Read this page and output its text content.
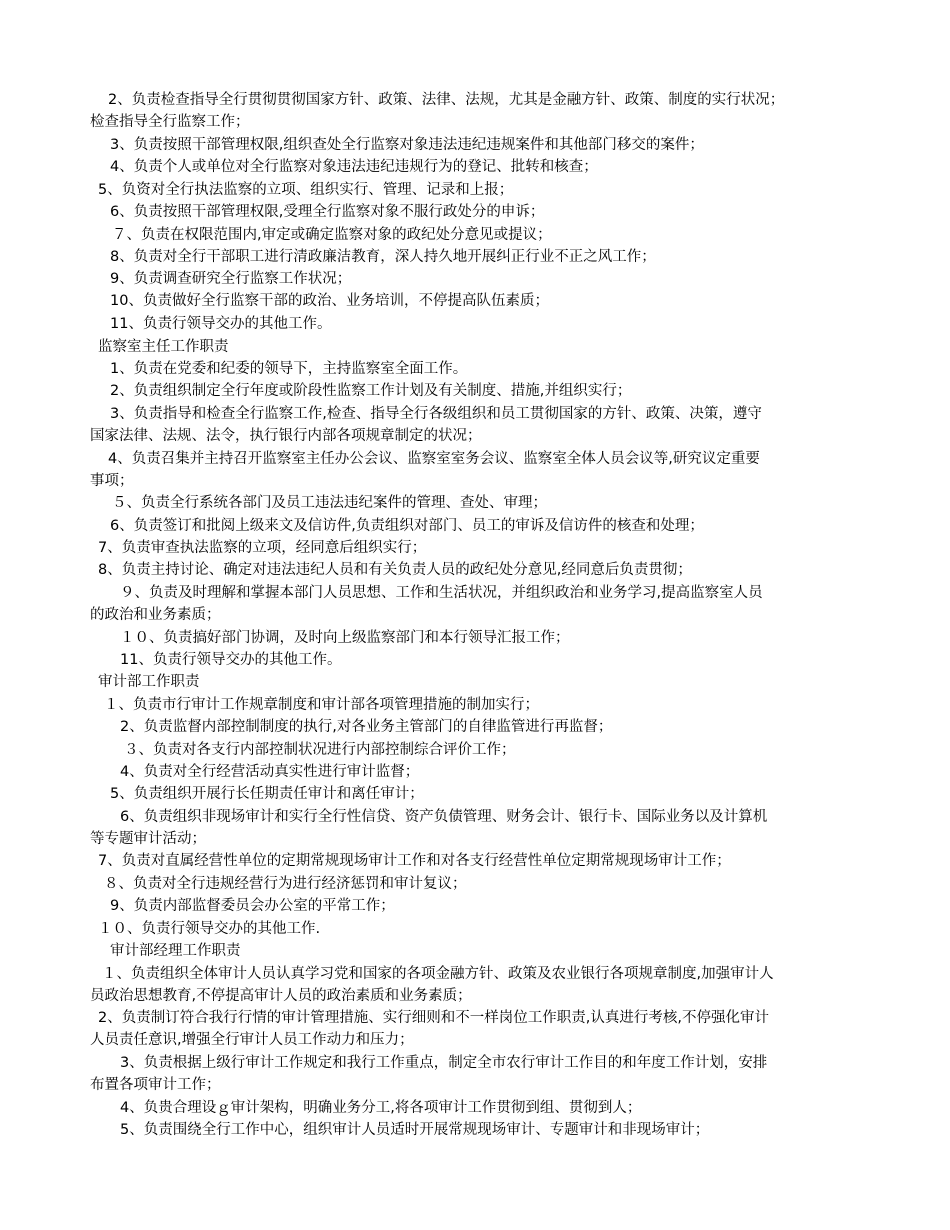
2、负责检查指导全行贯彻贯彻国家方针、政策、法律、法规，尤其是金融方针、政策、制度的实行状况；
检查指导全行监察工作；
3、负责按照干部管理权限,组织查处全行监察对象违法违纪违规案件和其他部门移交的案件；
4、负责个人或单位对全行监察对象违法违纪违规行为的登记、批转和核查；
5、负资对全行执法监察的立项、组织实行、管理、记录和上报；
6、负责按照干部管理权限,受理全行监察对象不服行政处分的申诉；
７、负责在权限范围内,审定或确定监察对象的政纪处分意见或提议；
8、负责对全行干部职工进行清政廉洁教育，深人持久地开展纠正行业不正之风工作；
9、负责调查研究全行监察工作状况；
10、负责做好全行监察干部的政治、业务培训，不停提高队伍素质；
11、负责行领导交办的其他工作。
监察室主任工作职责
1、负责在党委和纪委的领导下，主持监察室全面工作。
2、负责组织制定全行年度或阶段性监察工作计划及有关制度、措施,并组织实行；
3、负责指导和检查全行监察工作,检查、指导全行各级组织和员工贯彻国家的方针、政策、决策，遵守
国家法律、法规、法令，执行银行内部各项规章制定的状况；
4、负责召集并主持召开监察室主任办公会议、监察室室务会议、监察室全体人员会议等,研究议定重要
事项；
５、负责全行系统各部门及员工违法违纪案件的管理、查处、审理；
6、负责签订和批阅上级来文及信访件,负责组织对部门、员工的审诉及信访件的核查和处理；
7、负责审查执法监察的立项，经同意后组织实行；
8、负责主持讨论、确定对违法违纪人员和有关负责人员的政纪处分意见,经同意后负责贯彻；
９、负责及时理解和掌握本部门人员思想、工作和生活状况，并组织政治和业务学习,提高监察室人员
的政治和业务素质；
１０、负责搞好部门协调，及时向上级监察部门和本行领导汇报工作；
11、负责行领导交办的其他工作。
审计部工作职责
１、负责市行审计工作规章制度和审计部各项管理措施的制加实行；
2、负责监督内部控制制度的执行,对各业务主管部门的自律监管进行再监督；
３、负责对各支行内部控制状况进行内部控制综合评价工作；
4、负责对全行经营活动真实性进行审计监督；
5、负责组织开展行长任期责任审计和离任审计；
6、负责组织非现场审计和实行全行性信贷、资产负债管理、财务会计、银行卡、国际业务以及计算机
等专题审计活动；
7、负责对直属经营性单位的定期常规现场审计工作和对各支行经营性单位定期常规现场审计工作；
８、负责对全行违规经营行为进行经济惩罚和审计复议；
9、负责内部监督委员会办公室的平常工作；
１０、负责行领导交办的其他工作.
审计部经理工作职责
１、负责组织全体审计人员认真学习党和国家的各项金融方针、政策及农业银行各项规章制度,加强审计人
员政治思想教育,不停提高审计人员的政治素质和业务素质；
2、负责制订符合我行行情的审计管理措施、实行细则和不一样岗位工作职责,认真进行考核,不停强化审计
人员责任意识,增强全行审计人员工作动力和压力；
3、负责根据上级行审计工作规定和我行工作重点，制定全市农行审计工作目的和年度工作计划，安排
布置各项审计工作；
4、负贵合理设ｇ审计架构，明确业务分工,将各项审计工作贯彻到组、贯彻到人；
5、负责围绕全行工作中心，组织审计人员适时开展常规现场审计、专题审计和非现场审计；
